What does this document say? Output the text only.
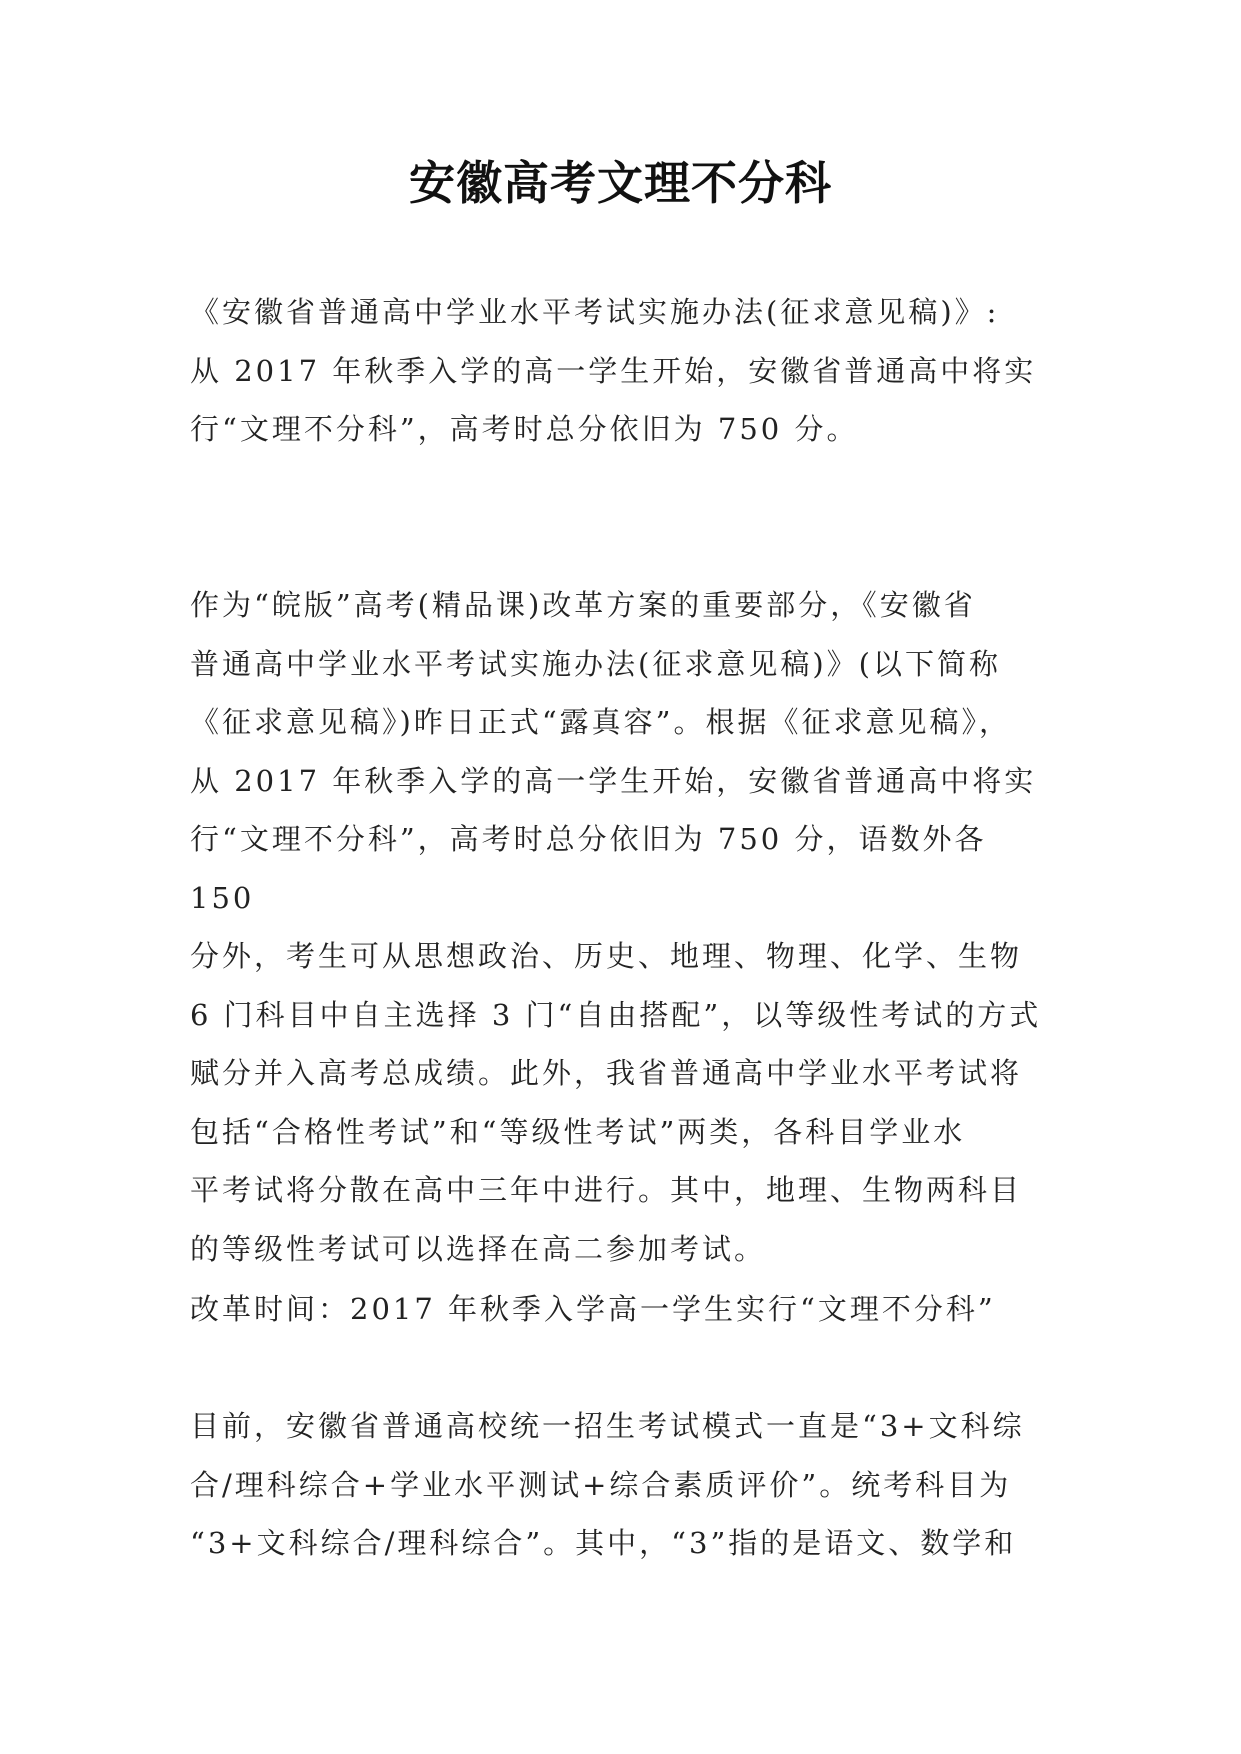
安徽高考文理不分科

《安徽省普通高中学业水平考试实施办法(征求意见稿)》:
从 2017 年秋季入学的高一学生开始，安徽省普通高中将实
行“文理不分科”，高考时总分依旧为 750 分。

作为“皖版”高考(精品课)改革方案的重要部分，《安徽省
普通高中学业水平考试实施办法(征求意见稿)》(以下简称
《征求意见稿》)昨日正式“露真容”。根据《征求意见稿》，
从 2017 年秋季入学的高一学生开始，安徽省普通高中将实
行“文理不分科”，高考时总分依旧为 750 分，语数外各 150
分外，考生可从思想政治、历史、地理、物理、化学、生物
6 门科目中自主选择 3 门“自由搭配”，以等级性考试的方式
赋分并入高考总成绩。此外，我省普通高中学业水平考试将
包括“合格性考试”和“等级性考试”两类，各科目学业水
平考试将分散在高中三年中进行。其中，地理、生物两科目
的等级性考试可以选择在高二参加考试。

改革时间：2017 年秋季入学高一学生实行“文理不分科”

目前，安徽省普通高校统一招生考试模式一直是“3+文科综
合/理科综合+学业水平测试+综合素质评价”。统考科目为
“3+文科综合/理科综合”。其中，“3”指的是语文、数学和
